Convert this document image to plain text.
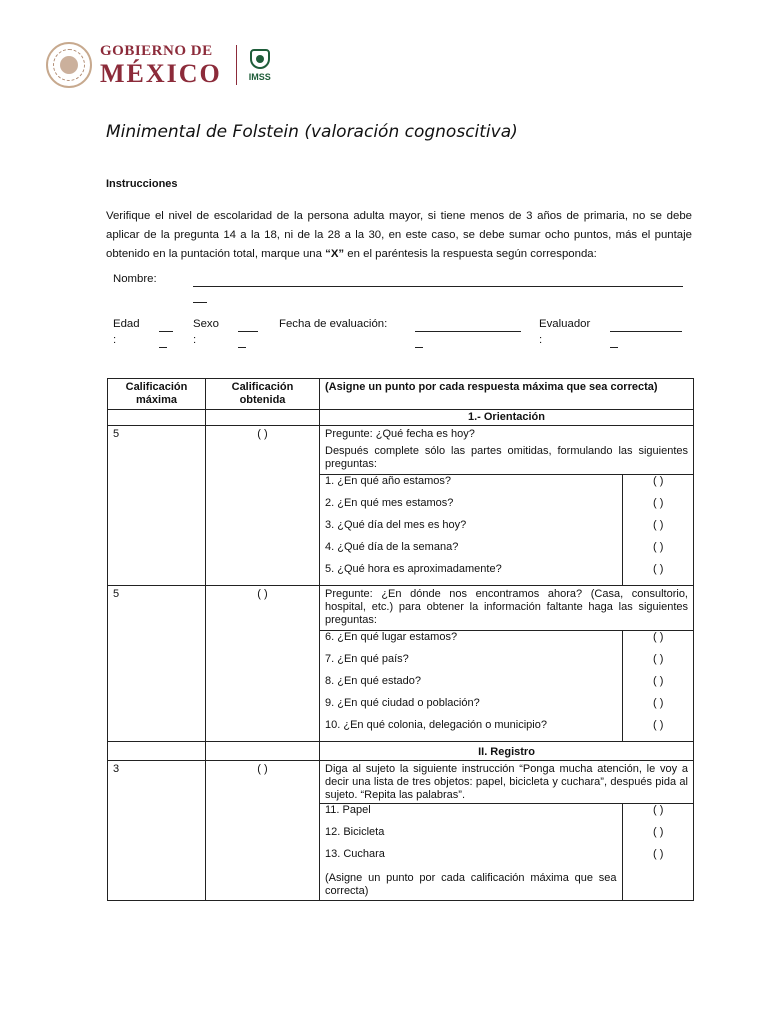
GOBIERNO DE
MÉXICO	IMSS
Minimental de Folstein (valoración cognoscitiva)
Instrucciones
Verifique el nivel de escolaridad de la persona adulta mayor, si tiene menos de 3 años de primaria, no se debe aplicar de la pregunta 14 a la 18, ni de la 28 a la 30, en este caso, se debe sumar ocho puntos, más el puntaje obtenido en la puntación total, marque una “X” en el paréntesis la respuesta según corresponda:
Nombre:
Edad
:
Sexo
:
Fecha de evaluación:	Evaluador
:
Calificación máxima	Calificación obtenida	(Asigne un punto por cada respuesta máxima que sea correcta)
		1.- Orientación
5	( )	Pregunte: ¿Qué fecha es hoy?
Después complete sólo las partes omitidas, formulando las siguientes preguntas:
1. ¿En qué año estamos?	( )
2. ¿En qué mes estamos?	( )
3. ¿Qué día del mes es hoy?	( )
4. ¿Qué día de la semana?	( )
5. ¿Qué hora es aproximadamente?	( )

5	( )	Pregunte: ¿En dónde nos encontramos ahora? (Casa, consultorio, hospital, etc.) para obtener la información faltante haga las siguientes preguntas:
6. ¿En qué lugar estamos?	( )
7. ¿En qué país?	( )
8. ¿En qué estado?	( )
9. ¿En qué ciudad o población?	( )
10. ¿En qué colonia, delegación o municipio?	( )

		II. Registro
3	( )	Diga al sujeto la siguiente instrucción “Ponga mucha atención, le voy a decir una lista de tres objetos: papel, bicicleta y cuchara”, después pida al sujeto. “Repita las palabras”.
11. Papel	( )
12. Bicicleta	( )
13. Cuchara	( )
(Asigne un punto por cada calificación máxima que sea correcta)	
